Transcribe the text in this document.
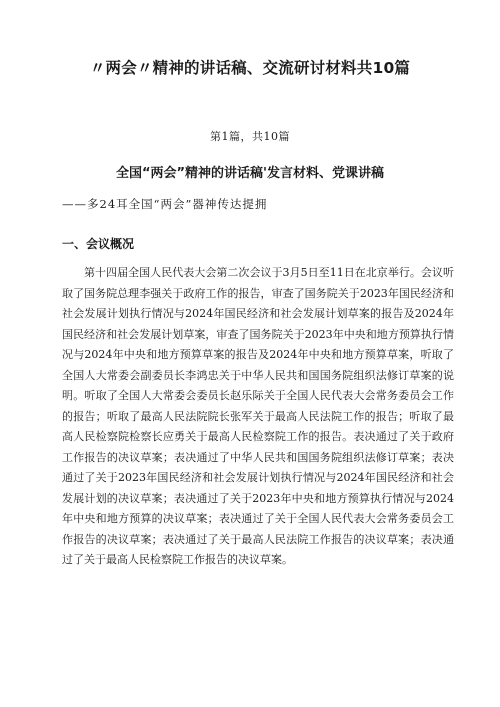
〃两会〃精神的讲话稿、交流研讨材料共10篇
第1篇，共10篇
全国“两会”精神的讲话稿'发言材料、党课讲稿
——多24耳全国“两会”器神传达提拥
一、会议概况

第十四届全国人民代表大会第二次会议于3月5日至11日在北京举行。会议听取了国务院总理李强关于政府工作的报告，审查了国务院关于2023年国民经济和社会发展计划执行情况与2024年国民经济和社会发展计划草案的报告及2024年国民经济和社会发展计划草案，审查了国务院关于2023年中央和地方预算执行情况与2024年中央和地方预算草案的报告及2024年中央和地方预算草案，听取了全国人大常委会副委员长李鸿忠关于中华人民共和国国务院组织法修订草案的说明。听取了全国人大常委会委员长赵乐际关于全国人民代表大会常务委员会工作的报告；听取了最高人民法院院长张军关于最高人民法院工作的报告；听取了最高人民检察院检察长应勇关于最高人民检察院工作的报告。表决通过了关于政府工作报告的决议草案；表决通过了中华人民共和国国务院组织法修订草案；表决通过了关于2023年国民经济和社会发展计划执行情况与2024年国民经济和社会发展计划的决议草案；表决通过了关于2023年中央和地方预算执行情况与2024年中央和地方预算的决议草案；表决通过了关于全国人民代表大会常务委员会工作报告的决议草案；表决通过了关于最高人民法院工作报告的决议草案；表决通过了关于最高人民检察院工作报告的决议草案。
